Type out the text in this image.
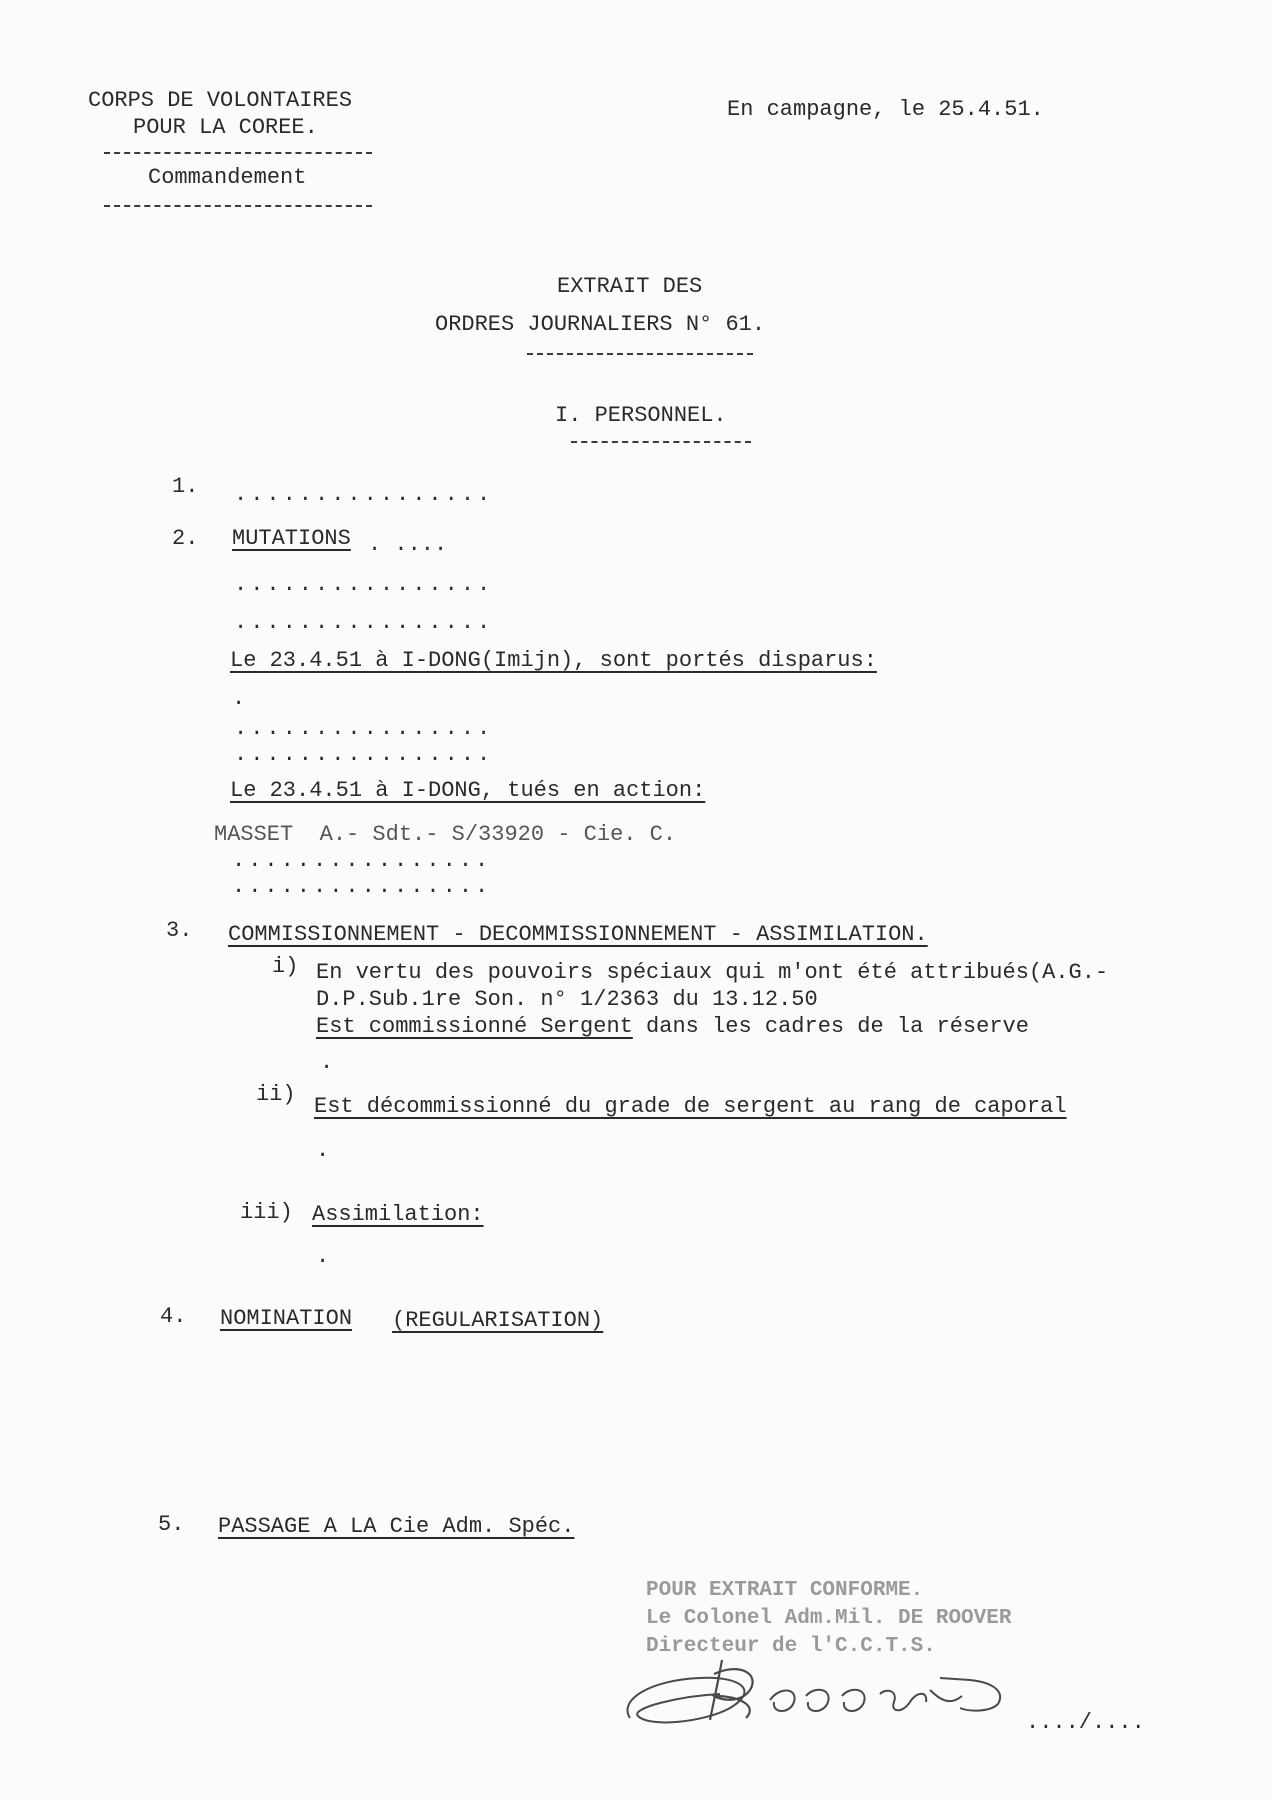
CORPS DE VOLONTAIRES
POUR LA COREE.
Commandement
En campagne, le 25.4.51.
EXTRAIT DES
ORDRES JOURNALIERS N° 61.
I. PERSONNEL.
1. ................
2. MUTATIONS . ....
................
................
Le 23.4.51 à I-DONG(Imijn), sont portés disparus:
.
................
................
Le 23.4.51 à I-DONG, tués en action:
MASSET  A.- Sdt.- S/33920 - Cie. C.
................
................
3. COMMISSIONNEMENT - DECOMMISSIONNEMENT - ASSIMILATION.
i) En vertu des pouvoirs spéciaux qui m'ont été attribués(A.G.-
D.P.Sub.1re Son. n° 1/2363 du 13.12.50
Est commissionné Sergent dans les cadres de la réserve
.
ii) Est décommissionné du grade de sergent au rang de caporal
.
iii) Assimilation:
.
4. NOMINATION (REGULARISATION)
5. PASSAGE A LA Cie Adm. Spéc.
POUR EXTRAIT CONFORME.
Le Colonel Adm.Mil. DE ROOVER
Directeur de l'C.C.T.S.
..../....
